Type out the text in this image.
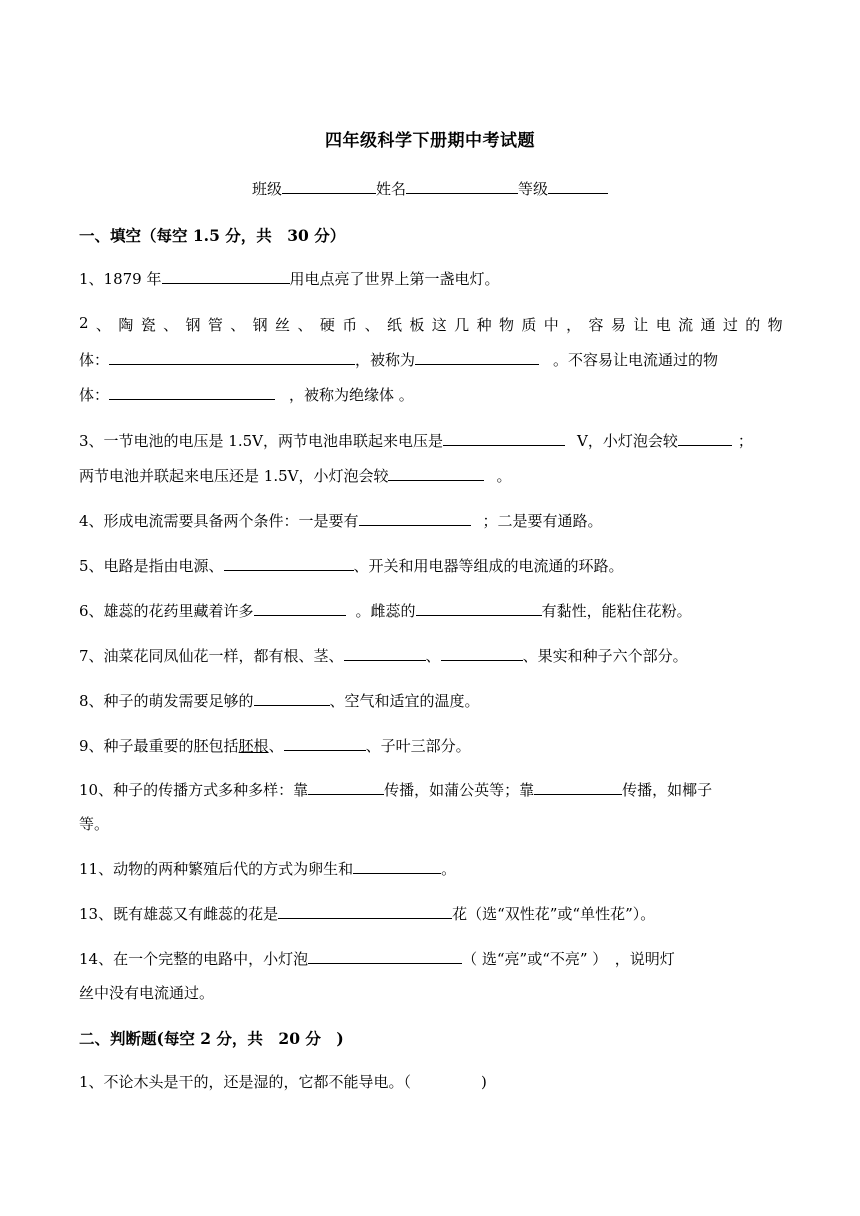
四年级科学下册期中考试题
班级	姓名	等级
一、填空（每空 1.5 分，共　30 分）
1、1879 年	用电点亮了世界上第一盏电灯。
2 、 陶 瓷 、 钢 管 、 钢 丝 、 硬 币 、 纸 板 这 几 种 物 质 中 ， 容 易 让 电 流 通 过 的 物
体：	，被称为	。不容易让电流通过的物
体：	，被称为绝缘体 。
3、一节电池的电压是 1.5V，两节电池串联起来电压是	V，小灯泡会较	；
两节电池并联起来电压还是 1.5V，小灯泡会较	。
4、形成电流需要具备两个条件：一是要有	；二是要有通路。
5、电路是指由电源、	、开关和用电器等组成的电流通的环路。
6、雄蕊的花药里藏着许多	。雌蕊的	有黏性，能粘住花粉。
7、油菜花同凤仙花一样，都有根、茎、	、	、果实和种子六个部分。
8、种子的萌发需要足够的	、空气和适宜的温度。
9、种子最重要的胚包括胚根、	、子叶三部分。
10、种子的传播方式多种多样：靠	传播，如蒲公英等；靠	传播，如椰子
等。
11、动物的两种繁殖后代的方式为卵生和	。
13、既有雄蕊又有雌蕊的花是	花（选“双性花”或“单性花”）。
14、在一个完整的电路中，小灯泡	（ 选“亮”或“不亮” ）　，说明灯
丝中没有电流通过。
二、判断题(每空 2 分，共　20 分　)
1、不论木头是干的，还是湿的，它都不能导电。（	)
